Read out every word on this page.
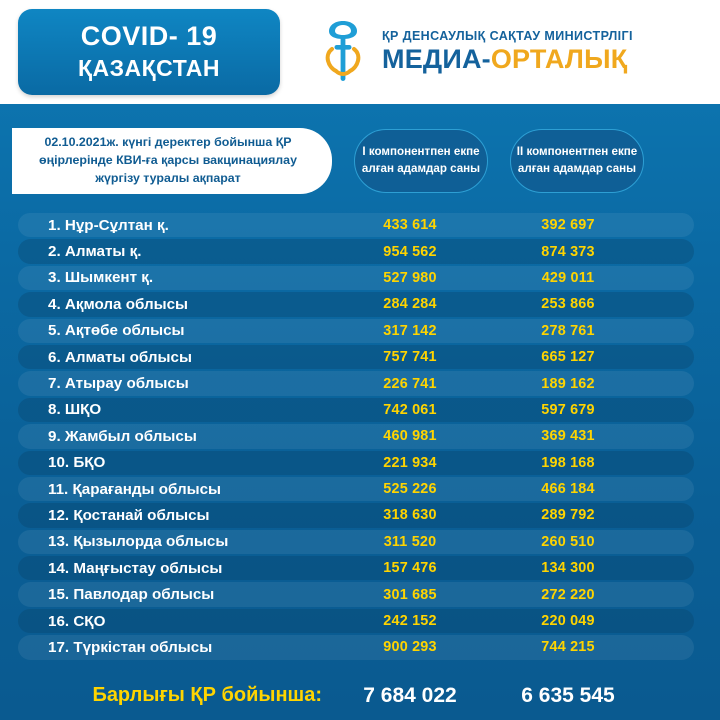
COVID- 19
ҚАЗАҚСТАН
ҚР ДЕНСАУЛЫҚ САҚТАУ МИНИСТРЛІГІ
МЕДИА-ОРТАЛЫҚ
02.10.2021ж. күнгі деректер бойынша ҚР өңірлерінде КВИ-ға қарсы вакцинациялау жүргізу туралы ақпарат
I компонентпен екпе алған адамдар саны
II компонентпен екпе алған адамдар саны
1. Нұр-Сұлтан қ.	433 614	392 697
2. Алматы қ.	954 562	874 373
3. Шымкент қ.	527 980	429 011
4. Ақмола облысы	284 284	253 866
5. Ақтөбе облысы	317 142	278 761
6. Алматы облысы	757 741	665 127
7. Атырау облысы	226 741	189 162
8. ШҚО	742 061	597 679
9. Жамбыл облысы	460 981	369 431
10. БҚО	221 934	198 168
11. Қарағанды облысы	525 226	466 184
12. Қостанай облысы	318 630	289 792
13. Қызылорда облысы	311 520	260 510
14. Маңғыстау облысы	157 476	134 300
15. Павлодар облысы	301 685	272 220
16. СҚО	242 152	220 049
17. Түркістан облысы	900 293	744 215
Барлығы ҚР бойынша:	7 684 022	6 635 545
